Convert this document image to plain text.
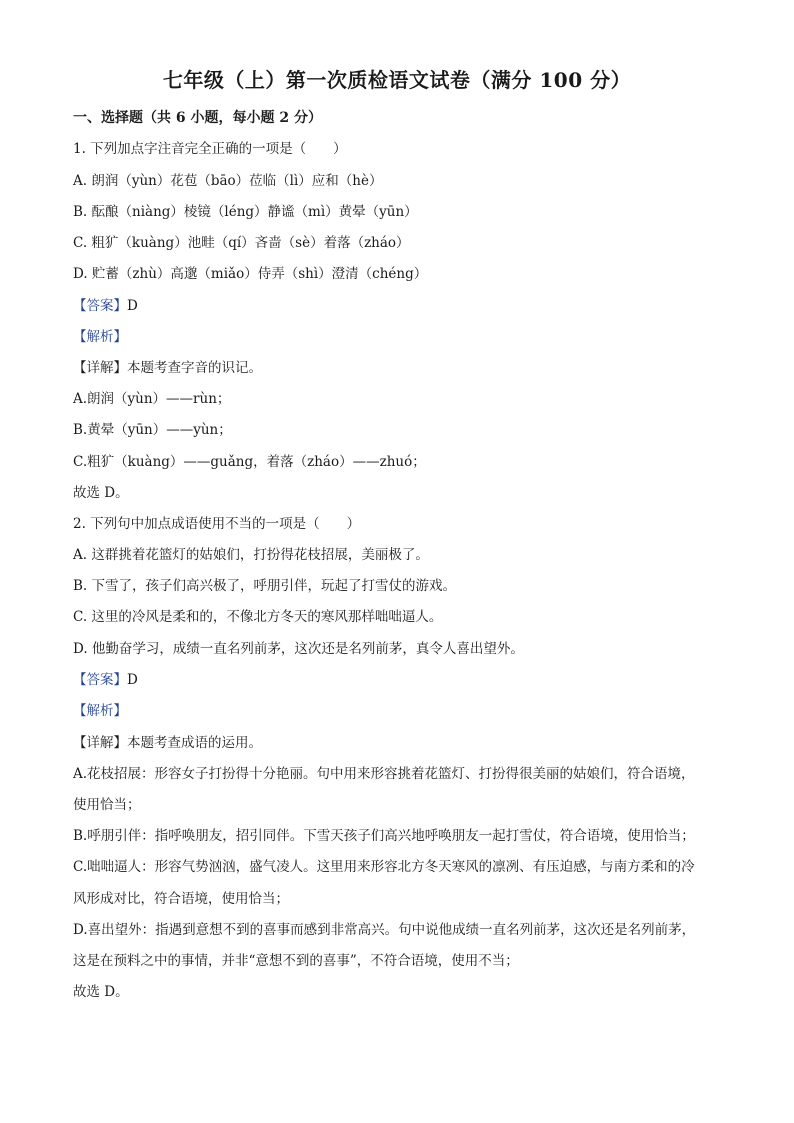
七年级（上）第一次质检语文试卷（满分 100 分）
一、选择题（共 6 小题，每小题 2 分）
1. 下列加点字注音完全正确的一项是（　　）
A. 朗润（yùn）花苞（bāo）莅临（lì）应和（hè）
B. 酝酿（niàng）棱镜（léng）静谧（mì）黄晕（yūn）
C. 粗犷（kuàng）池畦（qí）吝啬（sè）着落（zháo）
D. 贮蓄（zhù）高邈（miǎo）侍弄（shì）澄清（chéng）
【答案】D
【解析】
【详解】本题考查字音的识记。
A.朗润（yùn）——rùn；
B.黄晕（yūn）——yùn；
C.粗犷（kuàng）——guǎng，着落（zháo）——zhuó；
故选 D。
2. 下列句中加点成语使用不当的一项是（　　）
A. 这群挑着花篮灯的姑娘们，打扮得花枝招展，美丽极了。
B. 下雪了，孩子们高兴极了，呼朋引伴，玩起了打雪仗的游戏。
C. 这里的冷风是柔和的，不像北方冬天的寒风那样咄咄逼人。
D. 他勤奋学习，成绩一直名列前茅，这次还是名列前茅，真令人喜出望外。
【答案】D
【解析】
【详解】本题考查成语的运用。
A.花枝招展：形容女子打扮得十分艳丽。句中用来形容挑着花篮灯、打扮得很美丽的姑娘们，符合语境，
使用恰当；
B.呼朋引伴：指呼唤朋友，招引同伴。下雪天孩子们高兴地呼唤朋友一起打雪仗，符合语境，使用恰当；
C.咄咄逼人：形容气势汹汹，盛气凌人。这里用来形容北方冬天寒风的凛冽、有压迫感，与南方柔和的冷
风形成对比，符合语境，使用恰当；
D.喜出望外：指遇到意想不到的喜事而感到非常高兴。句中说他成绩一直名列前茅，这次还是名列前茅，
这是在预料之中的事情，并非“意想不到的喜事”，不符合语境，使用不当；
故选 D。
